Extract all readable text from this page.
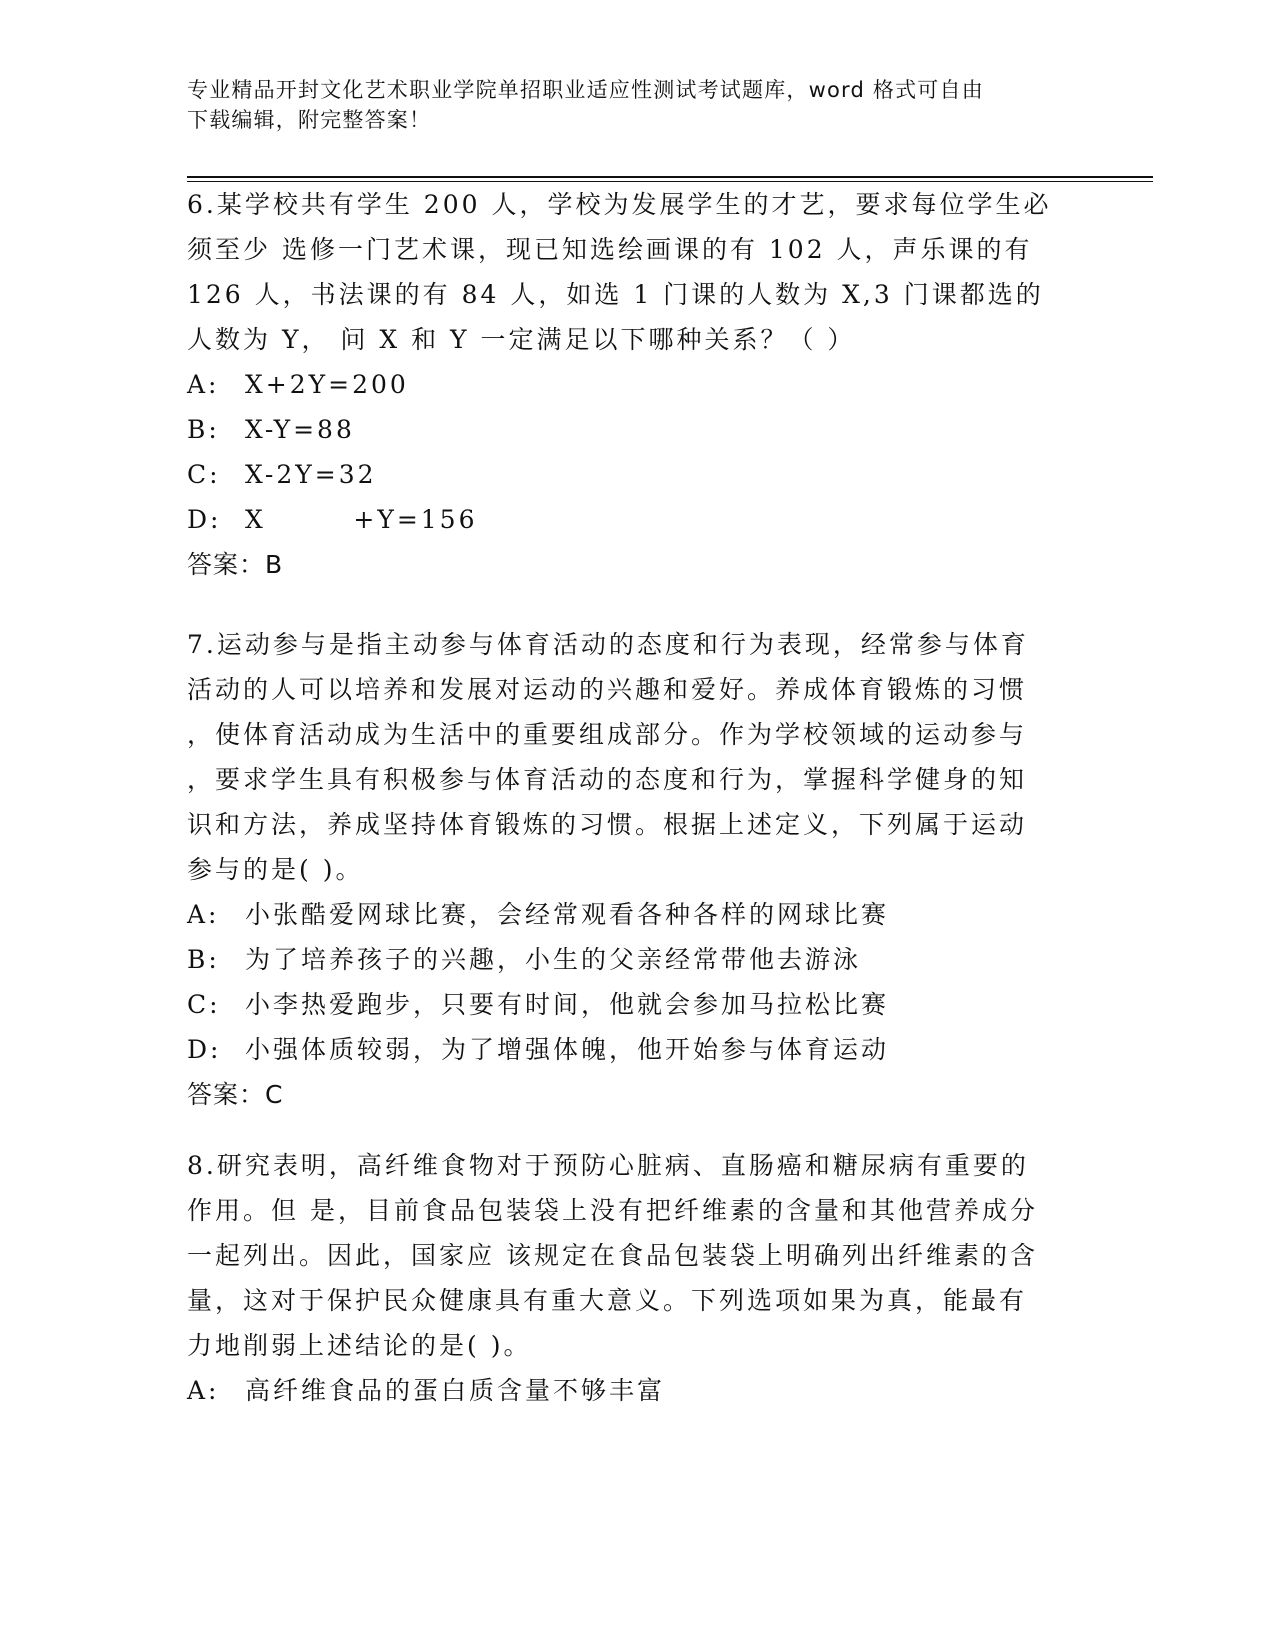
专业精品开封文化艺术职业学院单招职业适应性测试考试题库，word 格式可自由
下载编辑，附完整答案！
6.某学校共有学生 200 人，学校为发展学生的才艺，要求每位学生必
须至少 选修一门艺术课，现已知选绘画课的有 102 人，声乐课的有
126 人，书法课的有 84 人，如选 1 门课的人数为 X,3 门课都选的
人数为 Y， 问 X 和 Y 一定满足以下哪种关系？（ ）
A:	X+2Y=200
B:	X-Y=88
C: X-2Y=32
D: X        +Y=156
答案：B
7.运动参与是指主动参与体育活动的态度和行为表现，经常参与体育
活动的人可以培养和发展对运动的兴趣和爱好。养成体育锻炼的习惯
，使体育活动成为生活中的重要组成部分。作为学校领域的运动参与
，要求学生具有积极参与体育活动的态度和行为，掌握科学健身的知
识和方法，养成坚持体育锻炼的习惯。根据上述定义，下列属于运动
参与的是( )。
A:	小张酷爱网球比赛，会经常观看各种各样的网球比赛
B:	为了培养孩子的兴趣，小生的父亲经常带他去游泳
C: 小李热爱跑步，只要有时间，他就会参加马拉松比赛
D: 小强体质较弱，为了增强体魄，他开始参与体育运动
答案：C
8.研究表明，高纤维食物对于预防心脏病、直肠癌和糖尿病有重要的
作用。但 是，目前食品包装袋上没有把纤维素的含量和其他营养成分
一起列出。因此，国家应 该规定在食品包装袋上明确列出纤维素的含
量，这对于保护民众健康具有重大意义。下列选项如果为真，能最有
力地削弱上述结论的是( )。
A:	高纤维食品的蛋白质含量不够丰富
